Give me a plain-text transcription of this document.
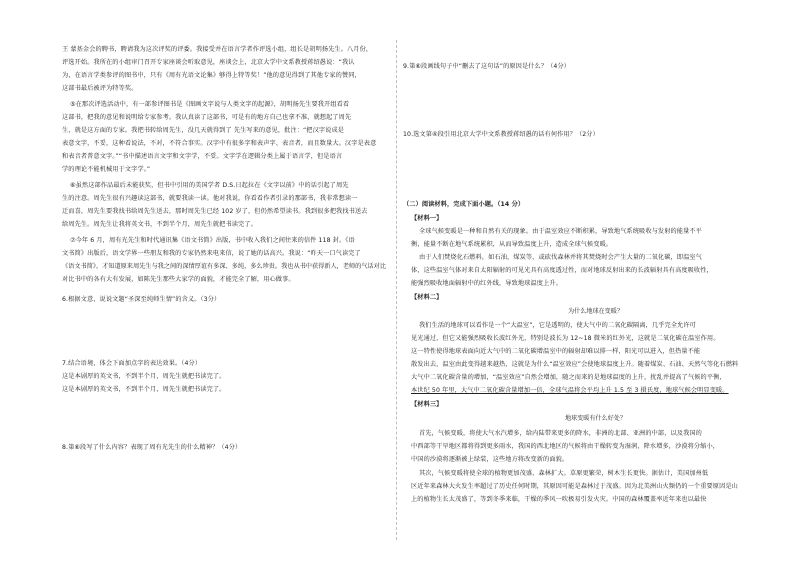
王 蒙基金会的聘书，聘请我为这次评奖的评委。我接受并在语言学者作评选小组，组长是胡明扬先生。八月份，
评选开始。我所在的小组审门召开专家座谈会听取意见，座谈会上，北京大学中文系教授蒋绍愚说：“我认
为，在语言学类参评的图书中，只有《周有光语文论集》够得上特等奖！”他的意见得到了其他专家的赞同，
这部书最后被评为特等奖。
⑤在那次评选活动中，有一部参评图书是《图画文字说与人类文字的起源》，胡明扬先生要我开组看看
这部书，把我的意见和说明给专家参考。我认真读了这部书，可是有的地方自己也拿不准，就想起了周先
生，就是这方面的专家。我把书转给周先生，没几天就得到了 先生写来的意见，批注：“把汉字说成是
表意文字，不妥，这种看说法，不对，不符合事实。汉字中有很多字和表声字、表音者，而且数量大。汉字是表意
和表音者普意文字。”“书中描述语言文字和文字学，不妥。文字学在逻辑分类上属于语言学，但是语言
学的理论不能机械用于文字学。”
⑥虽然这部作品最后未能获奖，但书中引用的美国学者 D.S.日起拉在《文字以前》中的话引起了周先
生的注意。周先生很有兴趣读这部书，就要我读一读。他对我说，你看看作者引录的那部书，我非常想读一
迁而喜，周先生要我找书给周先生送去，那时周先生已经 102 岁了，但仍然希望读书。我到很多把我找书送去
给周先生。周先生让我将英文书，不到半个月，周先生就把书读完了。
⑦今年 6 月，周有光先生和时代通讯集《语文书简》出版，书中收入我们之间往来的信件 118 封。《语
文书简》出版后，语文学界一些朋友和我的专家仍然来电来信，说了她的话高兴。我说：“昨天一口气读完了
《语文书简》，才知道原来周先生与我之间的深情厚谊有多深、多纯，多么珍贵。我也从书中获得新人，老师的气话对比
对比书中的各有大有发展，如陈先生那些大家学的面貌，才能完全了解，用心做事。
6.根据文意，说说文题“圣深至纯师生情”的含义。（3分）
7.结合语境，体会下面加点字的表达效果。（4分）
这是本剧厚的英文书，不到半个月，周先生就把书读完了。
这是本剧厚的英文书，不到半个月，周先生就把书读完了。
8.第⑥段写了什么内容？表现了周有光先生的什么精神？（4分）
9.第⑥段画线句子中“删去了这句话”的原因是什么？（4分）
10.选文第④段引用北京大学中文系教授蒋绍愚的话有何作用？（2分）
（二）阅读材料，完成下面小题。（14 分）
【材料一】
全球气候变暖是一种和自然有关的现象。由于温室效应不断积累，导致地气系统吸收与发射的能量不平
衡，能量不断在地气系统累积，从而导致温度上升，造成全球气候变暖。
由于人们焚烧化石燃料，如石油，煤炭等，或砍伐森林并将其焚烧时会产生大量的二氧化碳，即温室气
体，这些温室气体对来自太阳辐射的可见光具有高度透过性，而对地球反射出来的长波辐射具有高度吸收性，
能强烈吸收地面辐射中的红外线，导致地球温度上升。
【材料二】
为什么地球在变暖？
我们生活的地球可以看作是一个“大温室”，它是透明的，使大气中的二氧化碳隔离，几乎完全允许可
见光通过，但它又能强烈吸收长波红外光，特别是波长为 12~18 微米的红外光，这就是二氧化碳在温室作用。
这一特性使得地球表面向近大气中的二氧化碳增温室中的辐射却难以排一样，阳光可以进入，但热量不能
散发出去，温室由此变得越来越热，这就是为什么“温室效应”会使地球温度上升。随着煤炭、石油、天然气等化石燃料
大气中二氧化碳含量的增加，“温室效应”自然会增加，随之而来的是地球温度的上升，扰乱并提高了气候的平衡，
本世纪 50 年里，大气中二氧化碳含量增加一倍，全球气温将会平均上升 1.5 至 3 摄氏度，地球气候会明显变暖。
【材料三】
地球变暖有什么好处？
首先，气候变暖，将使大气水汽增多，给内陆带来更多的降水，非洲的北部、亚洲的中部，以及我国的
中西部等干旱地区都将得到更多雨水，我国的西北地区的气候将由干燥转变为湿润，降水增多，沙漠将分缩小，
中国的沙漠将逐渐被上绿装，这些地方将改变新的面貌。
其次，气候变暖将使全球的植物更加茂盛，森林扩大。草原更繁荣，树木生长更快。据估计，美国加州低
区近年来森林大火发生率超过了历史任何时期，其原因可能是森林过于茂盛。因为北美洲山火频仍的一个重要原因是山
上的植物生长太茂盛了，等到冬季来临，干燥的季风一吹极易引发火灾。中国的森林覆盖率近年来也以最快
